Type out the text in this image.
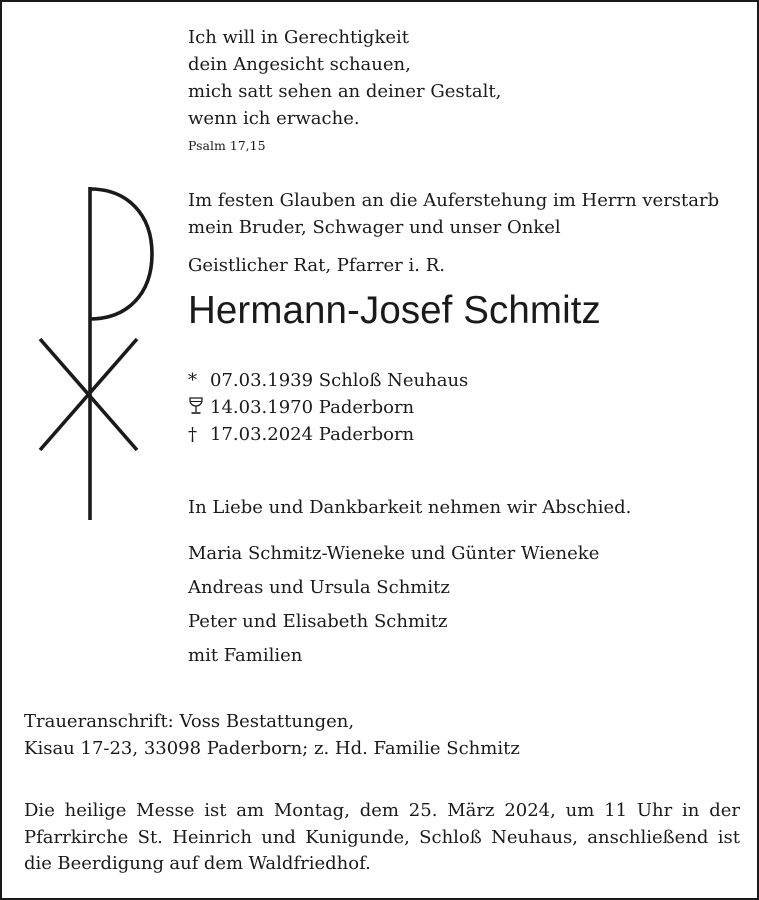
Ich will in Gerechtigkeit
dein Angesicht schauen,
mich satt sehen an deiner Gestalt,
wenn ich erwache.
Psalm 17,15
Im festen Glauben an die Auferstehung im Herrn verstarb
mein Bruder, Schwager und unser Onkel
Geistlicher Rat, Pfarrer i. R.
Hermann-Josef Schmitz
* 07.03.1939 Schloß Neuhaus
14.03.1970 Paderborn
† 17.03.2024 Paderborn
In Liebe und Dankbarkeit nehmen wir Abschied.
Maria Schmitz-Wieneke und Günter Wieneke
Andreas und Ursula Schmitz
Peter und Elisabeth Schmitz
mit Familien
Traueranschrift: Voss Bestattungen,
Kisau 17-23, 33098 Paderborn; z. Hd. Familie Schmitz
Die heilige Messe ist am Montag, dem 25. März 2024, um 11 Uhr in der Pfarrkirche St. Heinrich und Kunigunde, Schloß Neuhaus, anschließend ist die Beerdigung auf dem Waldfriedhof.
